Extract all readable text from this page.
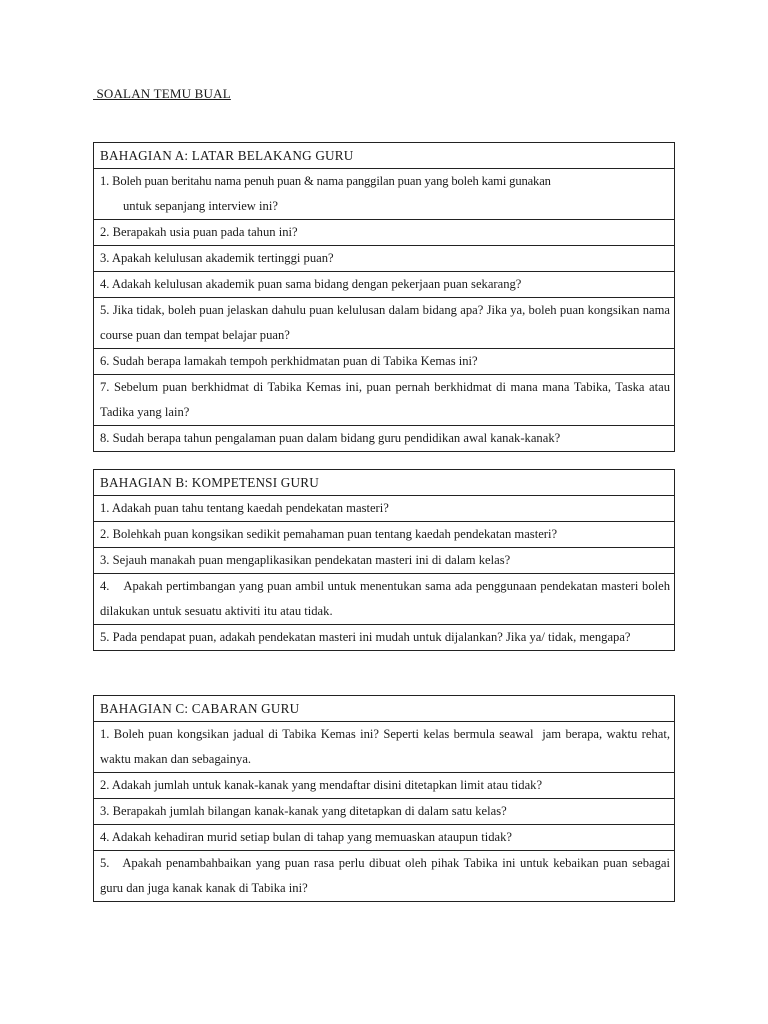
SOALAN TEMU BUAL
BAHAGIAN A: LATAR BELAKANG GURU

1. Boleh puan beritahu nama penuh puan & nama panggilan puan yang boleh kami gunakan
untuk sepanjang interview ini?

2. Berapakah usia puan pada tahun ini?
3. Apakah kelulusan akademik tertinggi puan?
4. Adakah kelulusan akademik puan sama bidang dengan pekerjaan puan sekarang?
5. Jika tidak, boleh puan jelaskan dahulu puan kelulusan dalam bidang apa? Jika ya, boleh puan kongsikan nama course puan dan tempat belajar puan?
6. Sudah berapa lamakah tempoh perkhidmatan puan di Tabika Kemas ini?
7. Sebelum puan berkhidmat di Tabika Kemas ini, puan pernah berkhidmat di mana mana Tabika, Taska atau Tadika yang lain?
8. Sudah berapa tahun pengalaman puan dalam bidang guru pendidikan awal kanak-kanak?
BAHAGIAN B: KOMPETENSI GURU
1. Adakah puan tahu tentang kaedah pendekatan masteri?
2. Bolehkah puan kongsikan sedikit pemahaman puan tentang kaedah pendekatan masteri?
3. Sejauh manakah puan mengaplikasikan pendekatan masteri ini di dalam kelas?
4.    Apakah pertimbangan yang puan ambil untuk menentukan sama ada penggunaan pendekatan masteri boleh dilakukan untuk sesuatu aktiviti itu atau tidak.
5. Pada pendapat puan, adakah pendekatan masteri ini mudah untuk dijalankan? Jika ya/ tidak, mengapa?
BAHAGIAN C: CABARAN GURU
1. Boleh puan kongsikan jadual di Tabika Kemas ini? Seperti kelas bermula seawal  jam berapa, waktu rehat, waktu makan dan sebagainya.
2. Adakah jumlah untuk kanak-kanak yang mendaftar disini ditetapkan limit atau tidak?
3. Berapakah jumlah bilangan kanak-kanak yang ditetapkan di dalam satu kelas?
4. Adakah kehadiran murid setiap bulan di tahap yang memuaskan ataupun tidak?
5.   Apakah penambahbaikan yang puan rasa perlu dibuat oleh pihak Tabika ini untuk kebaikan puan sebagai guru dan juga kanak kanak di Tabika ini?
